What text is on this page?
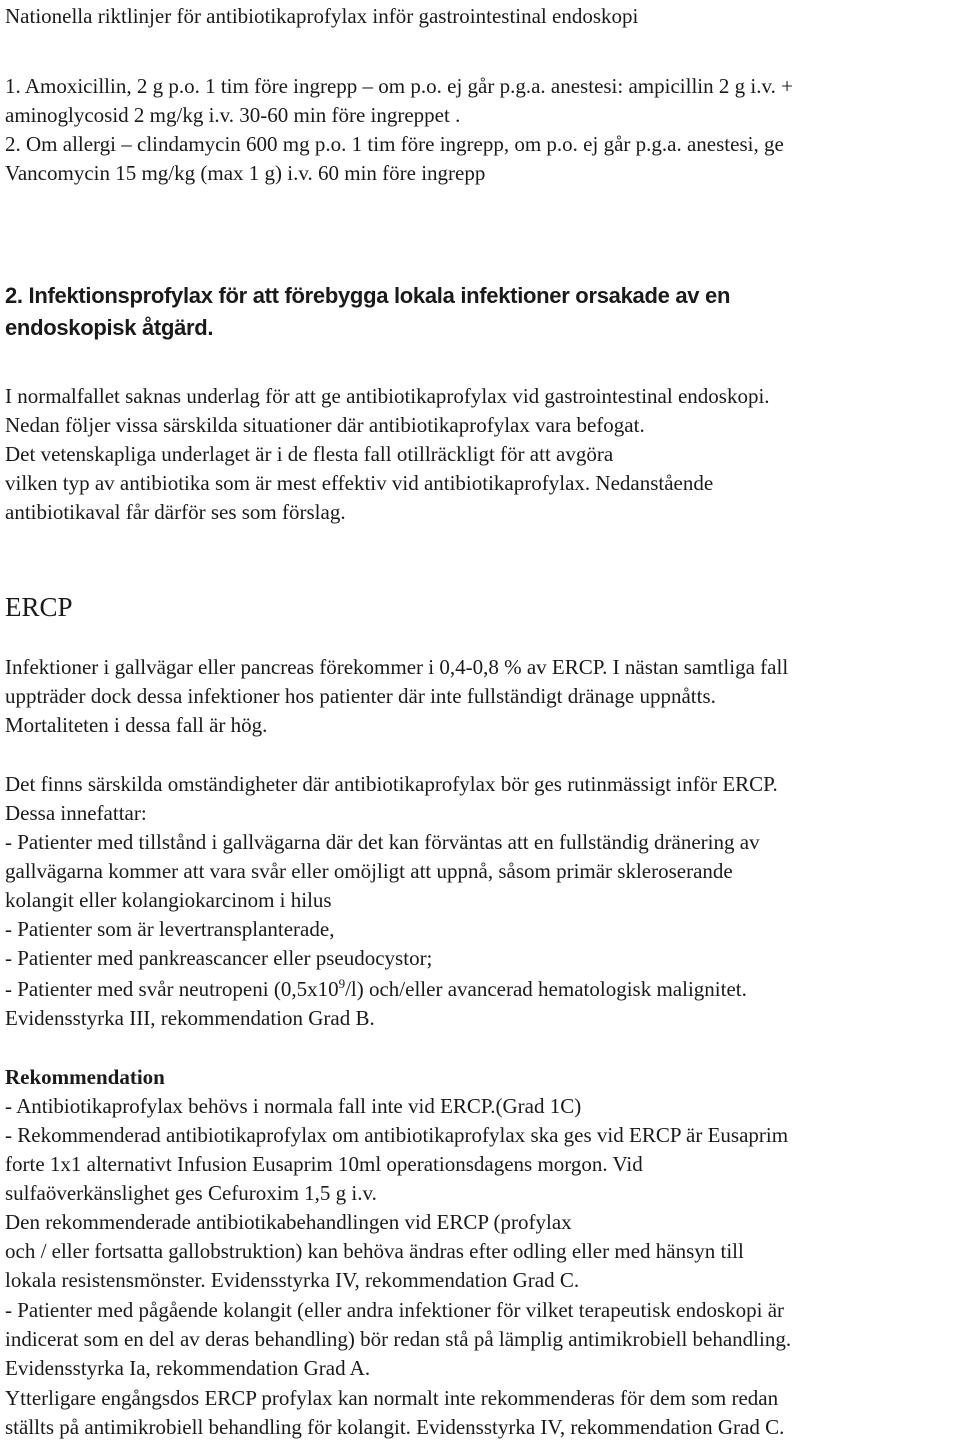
Nationella riktlinjer för antibiotikaprofylax inför gastrointestinal endoskopi

1. Amoxicillin, 2 g p.o. 1 tim före ingrepp – om p.o. ej går p.g.a. anestesi: ampicillin 2 g i.v. +

aminoglycosid 2 mg/kg i.v. 30-60 min före ingreppet .

2. Om allergi – clindamycin 600 mg p.o. 1 tim före ingrepp, om p.o. ej går p.g.a. anestesi, ge

Vancomycin 15 mg/kg (max 1 g) i.v. 60 min före ingrepp

2. Infektionsprofylax för att förebygga lokala infektioner orsakade av en

endoskopisk åtgärd.

I normalfallet saknas underlag för att ge antibiotikaprofylax vid gastrointestinal endoskopi.

Nedan följer vissa särskilda situationer där antibiotikaprofylax vara befogat.

Det vetenskapliga underlaget är i de flesta fall otillräckligt för att avgöra

vilken typ av antibiotika som är mest effektiv vid antibiotikaprofylax. Nedanstående

antibiotikaval får därför ses som förslag.

ERCP

Infektioner i gallvägar eller pancreas förekommer i 0,4-0,8 % av ERCP. I nästan samtliga fall

uppträder dock dessa infektioner hos patienter där inte fullständigt dränage uppnåtts.

Mortaliteten i dessa fall är hög.

Det finns särskilda omständigheter där antibiotikaprofylax bör ges rutinmässigt inför ERCP.

Dessa innefattar:

- Patienter med tillstånd i gallvägarna där det kan förväntas att en fullständig dränering av

gallvägarna kommer att vara svår eller omöjligt att uppnå, såsom primär skleroserande

kolangit eller kolangiokarcinom i hilus

- Patienter som är levertransplanterade,

- Patienter med pankreascancer eller pseudocystor;

- Patienter med svår neutropeni $(0,5x10^9/l)$ och/eller avancerad hematologisk malignitet.

Evidensstyrka III, rekommendation Grad B.

Rekommendation

- Antibiotikaprofylax behövs i normala fall inte vid ERCP.(Grad 1C)

- Rekommenderad antibiotikaprofylax om antibiotikaprofylax ska ges vid ERCP är Eusaprim

forte 1x1 alternativt Infusion Eusaprim 10ml operationsdagens morgon. Vid

sulfaöverkänslighet ges Cefuroxim 1,5 g i.v.

Den rekommenderade antibiotikabehandlingen vid ERCP (profylax

och / eller fortsatta gallobstruktion) kan behöva ändras efter odling eller med hänsyn till

lokala resistensmönster. Evidensstyrka IV, rekommendation Grad C.

- Patienter med pågående kolangit (eller andra infektioner för vilket terapeutisk endoskopi är

indicerat som en del av deras behandling) bör redan stå på lämplig antimikrobiell behandling.

Evidensstyrka Ia, rekommendation Grad A.

Ytterligare engångsdos ERCP profylax kan normalt inte rekommenderas för dem som redan

ställts på antimikrobiell behandling för kolangit. Evidensstyrka IV, rekommendation Grad C.
